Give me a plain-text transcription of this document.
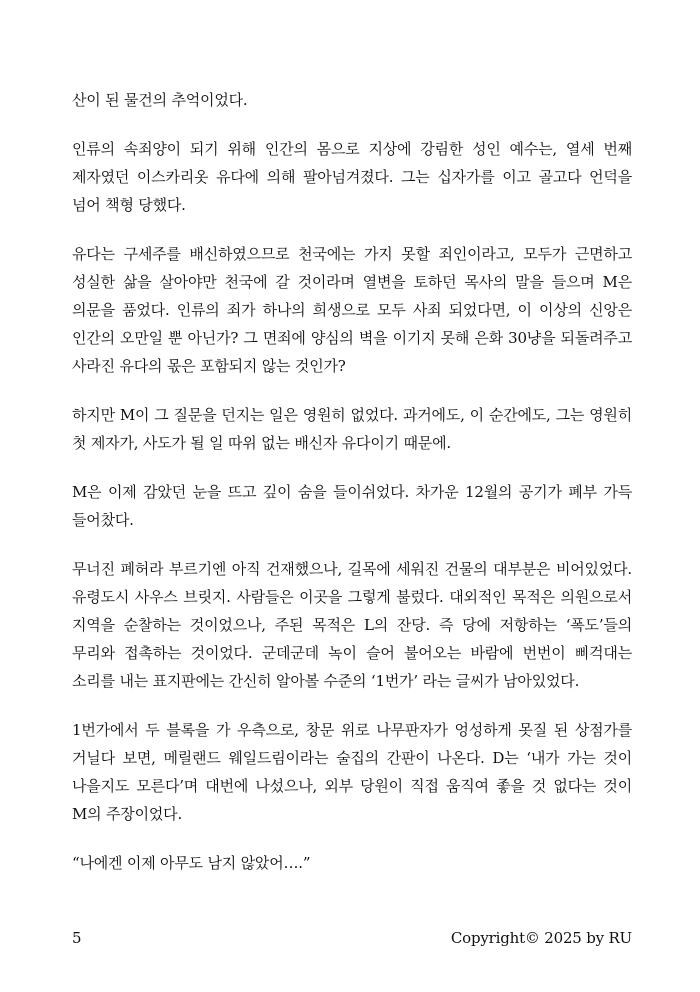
산이 된 물건의 추억이었다.

인류의 속죄양이 되기 위해 인간의 몸으로 지상에 강림한 성인 예수는, 열세 번째 제자였던 이스카리옷 유다에 의해 팔아넘겨졌다. 그는 십자가를 이고 골고다 언덕을 넘어 책형 당했다.

유다는 구세주를 배신하였으므로 천국에는 가지 못할 죄인이라고, 모두가 근면하고 성실한 삶을 살아야만 천국에 갈 것이라며 열변을 토하던 목사의 말을 들으며 M은 의문을 품었다. 인류의 죄가 하나의 희생으로 모두 사죄 되었다면, 이 이상의 신앙은 인간의 오만일 뿐 아닌가? 그 면죄에 양심의 벽을 이기지 못해 은화 30냥을 되돌려주고 사라진 유다의 몫은 포함되지 않는 것인가?

하지만 M이 그 질문을 던지는 일은 영원히 없었다. 과거에도, 이 순간에도, 그는 영원히 첫 제자가, 사도가 될 일 따위 없는 배신자 유다이기 때문에.

M은 이제 감았던 눈을 뜨고 깊이 숨을 들이쉬었다. 차가운 12월의 공기가 폐부 가득 들어찼다.

무너진 폐허라 부르기엔 아직 건재했으나, 길목에 세워진 건물의 대부분은 비어있었다. 유령도시 사우스 브릿지. 사람들은 이곳을 그렇게 불렀다. 대외적인 목적은 의원으로서 지역을 순찰하는 것이었으나, 주된 목적은 L의 잔당. 즉 당에 저항하는 ‘폭도’들의 무리와 접촉하는 것이었다. 군데군데 녹이 슬어 불어오는 바람에 번번이 삐걱대는 소리를 내는 표지판에는 간신히 알아볼 수준의 ‘1번가’ 라는 글씨가 남아있었다.

1번가에서 두 블록을 가 우측으로, 창문 위로 나무판자가 엉성하게 못질 된 상점가를 거닐다 보면, 메릴랜드 웨일드림이라는 술집의 간판이 나온다. D는 ‘내가 가는 것이 나을지도 모른다’며 대번에 나섰으나, 외부 당원이 직접 움직여 좋을 것 없다는 것이 M의 주장이었다.

“나에겐 이제 아무도 남지 않았어….”

5	Copyright© 2025 by RU
